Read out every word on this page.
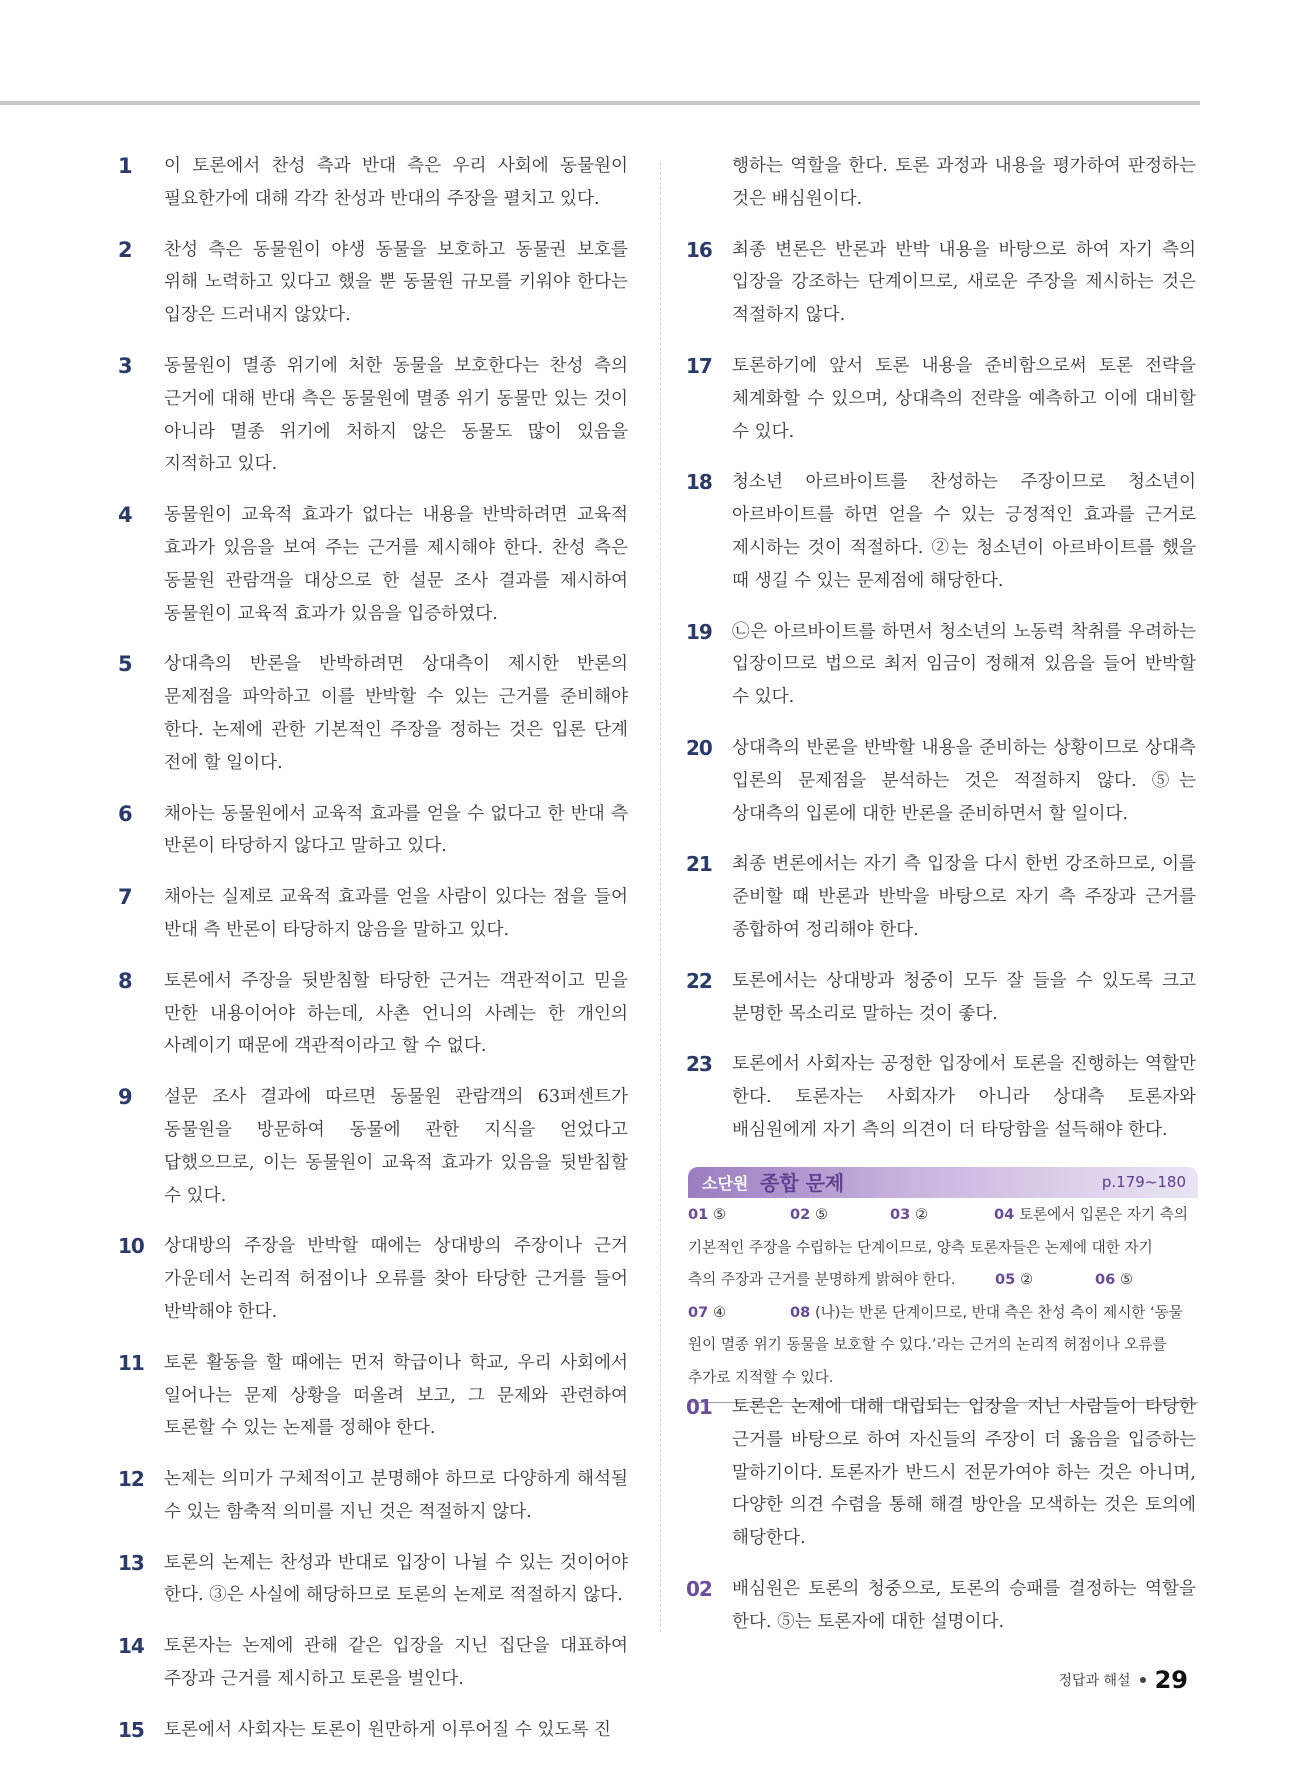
1 이 토론에서 찬성 측과 반대 측은 우리 사회에 동물원이 필요한가에 대해 각각 찬성과 반대의 주장을 펼치고 있다.
2 찬성 측은 동물원이 야생 동물을 보호하고 동물권 보호를 위해 노력하고 있다고 했을 뿐 동물원 규모를 키워야 한다는 입장은 드러내지 않았다.
3 동물원이 멸종 위기에 처한 동물을 보호한다는 찬성 측의 근거에 대해 반대 측은 동물원에 멸종 위기 동물만 있는 것이 아니라 멸종 위기에 처하지 않은 동물도 많이 있음을 지적하고 있다.
4 동물원이 교육적 효과가 없다는 내용을 반박하려면 교육적 효과가 있음을 보여 주는 근거를 제시해야 한다. 찬성 측은 동물원 관람객을 대상으로 한 설문 조사 결과를 제시하여 동물원이 교육적 효과가 있음을 입증하였다.
5 상대측의 반론을 반박하려면 상대측이 제시한 반론의 문제점을 파악하고 이를 반박할 수 있는 근거를 준비해야 한다. 논제에 관한 기본적인 주장을 정하는 것은 입론 단계 전에 할 일이다.
6 채아는 동물원에서 교육적 효과를 얻을 수 없다고 한 반대 측 반론이 타당하지 않다고 말하고 있다.
7 채아는 실제로 교육적 효과를 얻을 사람이 있다는 점을 들어 반대 측 반론이 타당하지 않음을 말하고 있다.
8 토론에서 주장을 뒷받침할 타당한 근거는 객관적이고 믿을 만한 내용이어야 하는데, 사촌 언니의 사례는 한 개인의 사례이기 때문에 객관적이라고 할 수 없다.
9 설문 조사 결과에 따르면 동물원 관람객의 63퍼센트가 동물원을 방문하여 동물에 관한 지식을 얻었다고 답했으므로, 이는 동물원이 교육적 효과가 있음을 뒷받침할 수 있다.
10 상대방의 주장을 반박할 때에는 상대방의 주장이나 근거 가운데서 논리적 허점이나 오류를 찾아 타당한 근거를 들어 반박해야 한다.
11 토론 활동을 할 때에는 먼저 학급이나 학교, 우리 사회에서 일어나는 문제 상황을 떠올려 보고, 그 문제와 관련하여 토론할 수 있는 논제를 정해야 한다.
12 논제는 의미가 구체적이고 분명해야 하므로 다양하게 해석될 수 있는 함축적 의미를 지닌 것은 적절하지 않다.
13 토론의 논제는 찬성과 반대로 입장이 나뉠 수 있는 것이어야 한다. ③은 사실에 해당하므로 토론의 논제로 적절하지 않다.
14 토론자는 논제에 관해 같은 입장을 지닌 집단을 대표하여 주장과 근거를 제시하고 토론을 벌인다.
15 토론에서 사회자는 토론이 원만하게 이루어질 수 있도록 진
행하는 역할을 한다. 토론 과정과 내용을 평가하여 판정하는 것은 배심원이다.
16 최종 변론은 반론과 반박 내용을 바탕으로 하여 자기 측의 입장을 강조하는 단계이므로, 새로운 주장을 제시하는 것은 적절하지 않다.
17 토론하기에 앞서 토론 내용을 준비함으로써 토론 전략을 체계화할 수 있으며, 상대측의 전략을 예측하고 이에 대비할 수 있다.
18 청소년 아르바이트를 찬성하는 주장이므로 청소년이 아르바이트를 하면 얻을 수 있는 긍정적인 효과를 근거로 제시하는 것이 적절하다. ②는 청소년이 아르바이트를 했을 때 생길 수 있는 문제점에 해당한다.
19 ㉡은 아르바이트를 하면서 청소년의 노동력 착취를 우려하는 입장이므로 법으로 최저 임금이 정해져 있음을 들어 반박할 수 있다.
20 상대측의 반론을 반박할 내용을 준비하는 상황이므로 상대측 입론의 문제점을 분석하는 것은 적절하지 않다. ⑤는 상대측의 입론에 대한 반론을 준비하면서 할 일이다.
21 최종 변론에서는 자기 측 입장을 다시 한번 강조하므로, 이를 준비할 때 반론과 반박을 바탕으로 자기 측 주장과 근거를 종합하여 정리해야 한다.
22 토론에서는 상대방과 청중이 모두 잘 들을 수 있도록 크고 분명한 목소리로 말하는 것이 좋다.
23 토론에서 사회자는 공정한 입장에서 토론을 진행하는 역할만 한다. 토론자는 사회자가 아니라 상대측 토론자와 배심원에게 자기 측의 의견이 더 타당함을 설득해야 한다.
소단원 종합 문제	p.179~180
01 ⑤	02 ⑤	03 ②	04 토론에서 입론은 자기 측의
기본적인 주장을 수립하는 단계이므로, 양측 토론자들은 논제에 대한 자기
측의 주장과 근거를 분명하게 밝혀야 한다.	05 ②	06 ⑤
07 ④	08 (나)는 반론 단계이므로, 반대 측은 찬성 측이 제시한 ‘동물
원이 멸종 위기 동물을 보호할 수 있다.’라는 근거의 논리적 허점이나 오류를
추가로 지적할 수 있다.
01 토론은 논제에 대해 대립되는 입장을 지닌 사람들이 타당한 근거를 바탕으로 하여 자신들의 주장이 더 옳음을 입증하는 말하기이다. 토론자가 반드시 전문가여야 하는 것은 아니며, 다양한 의견 수렴을 통해 해결 방안을 모색하는 것은 토의에 해당한다.
02 배심원은 토론의 청중으로, 토론의 승패를 결정하는 역할을 한다. ⑤는 토론자에 대한 설명이다.
정답과 해설 29
